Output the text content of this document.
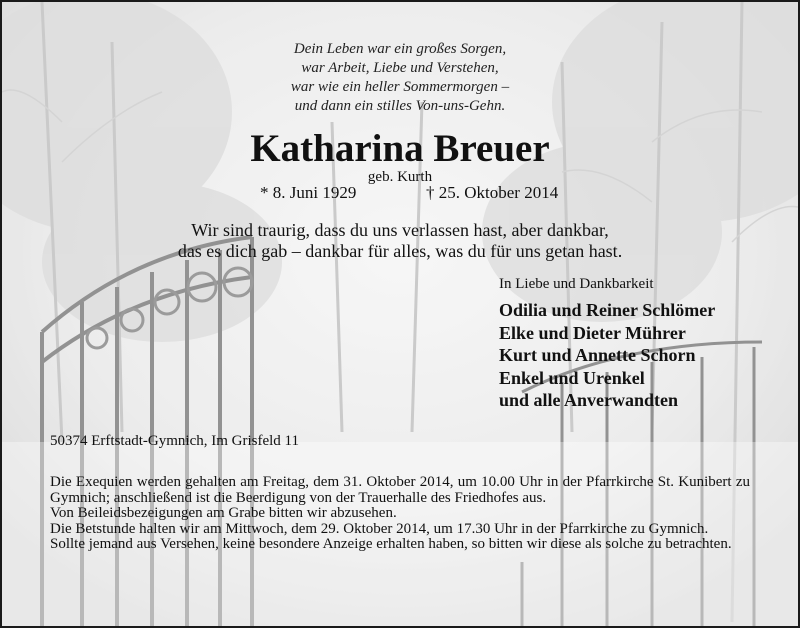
Dein Leben war ein großes Sorgen,
war Arbeit, Liebe und Verstehen,
war wie ein heller Sommermorgen –
und dann ein stilles Von-uns-Gehn.
Katharina Breuer
geb. Kurth
* 8. Juni 1929	† 25. Oktober 2014
Wir sind traurig, dass du uns verlassen hast, aber dankbar,
das es dich gab – dankbar für alles, was du für uns getan hast.
In Liebe und Dankbarkeit
Odilia und Reiner Schlömer
Elke und Dieter Mührer
Kurt und Annette Schorn
Enkel und Urenkel
und alle Anverwandten
50374 Erftstadt-Gymnich, Im Grisfeld 11

Die Exequien werden gehalten am Freitag, dem 31. Oktober 2014, um 10.00 Uhr in der Pfarrkirche St. Kunibert zu Gymnich; anschließend ist die Beerdigung von der Trauerhalle des Friedhofes aus.

Von Beileidsbezeigungen am Grabe bitten wir abzusehen.

Die Betstunde halten wir am Mittwoch, dem 29. Oktober 2014, um 17.30 Uhr in der Pfarrkirche zu Gymnich.

Sollte jemand aus Versehen, keine besondere Anzeige erhalten haben, so bitten wir diese als solche zu betrachten.
